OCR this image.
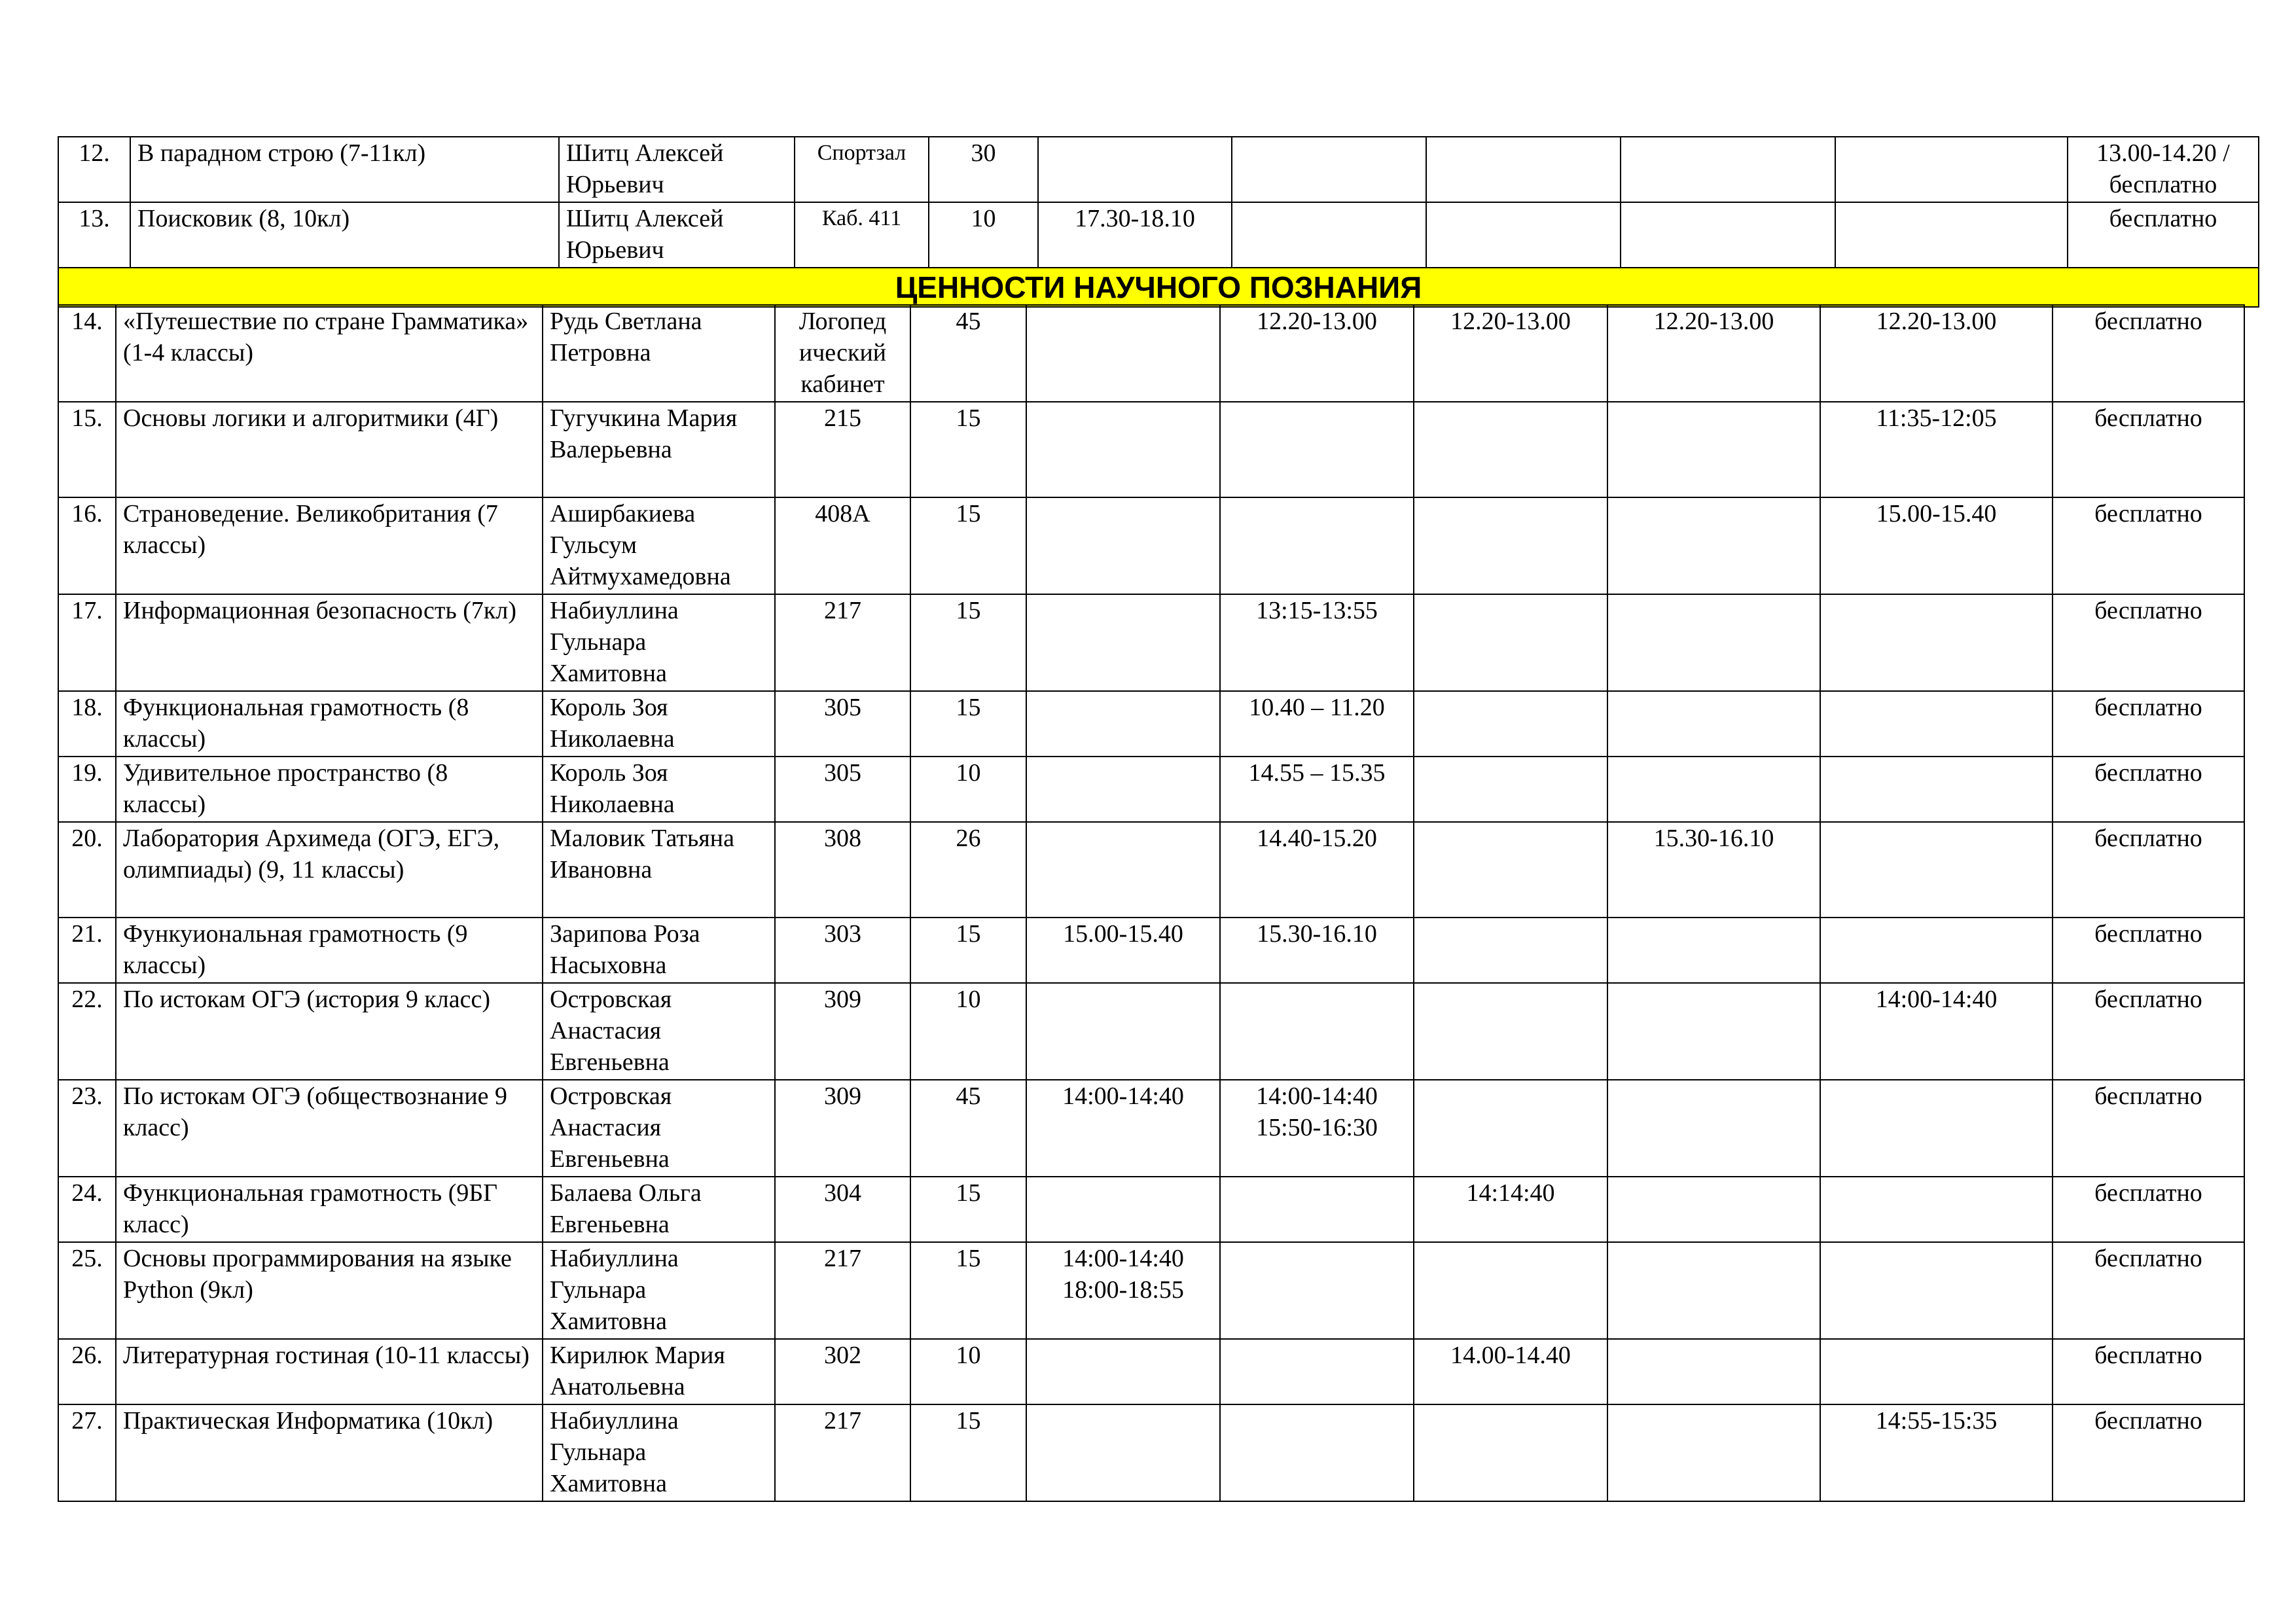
12.	В парадном строю (7-11кл)	Шитц Алексей Юрьевич	Спортзал	30						13.00-14.20 /бесплатно
13.	Поисковик (8, 10кл)	Шитц Алексей Юрьевич	Каб. 411	10	17.30-18.10					бесплатно
ЦЕННОСТИ НАУЧНОГО ПОЗНАНИЯ										
14.	«Путешествие по стране Грамматика» (1-4 классы)	Рудь Светлана Петровна	Логопед ический кабинет	45		12.20-13.00	12.20-13.00	12.20-13.00	12.20-13.00	бесплатно
15.	Основы логики и алгоритмики (4Г)	Гугучкина Мария Валерьевна	215	15					11:35-12:05	бесплатно
16.	Страноведение. Великобритания (7 классы)	Аширбакиева Гульсум Айтмухамедовна	408А	15					15.00-15.40	бесплатно
17.	Информационная безопасность (7кл)	Набиуллина Гульнара Хамитовна	217	15		13:15-13:55				бесплатно
18.	Функциональная грамотность (8 классы)	Король Зоя Николаевна	305	15		10.40 – 11.20				бесплатно
19.	Удивительное пространство (8 классы)	Король Зоя Николаевна	305	10		14.55 – 15.35				бесплатно
20.	Лаборатория Архимеда (ОГЭ, ЕГЭ, олимпиады) (9, 11 классы)	Маловик Татьяна Ивановна	308	26		14.40-15.20		15.30-16.10		бесплатно
21.	Функуиональная грамотность (9 классы)	Зарипова Роза Насыховна	303	15	15.00-15.40	15.30-16.10				бесплатно
22.	По истокам ОГЭ (история 9 класс)	Островская Анастасия Евгеньевна	309	10					14:00-14:40	бесплатно
23.	По истокам ОГЭ (обществознание 9 класс)	Островская Анастасия Евгеньевна	309	45	14:00-14:40	14:00-14:40 15:50-16:30				бесплатно
24.	Функциональная грамотность (9БГ класс)	Балаева Ольга Евгеньевна	304	15			14:14:40			бесплатно
25.	Основы программирования на языке Python (9кл)	Набиуллина Гульнара Хамитовна	217	15	14:00-14:40 18:00-18:55					бесплатно
26.	Литературная гостиная (10-11 классы)	Кирилюк Мария Анатольевна	302	10			14.00-14.40			бесплатно
27.	Практическая Информатика (10кл)	Набиуллина Гульнара Хамитовна	217	15					14:55-15:35	бесплатно
